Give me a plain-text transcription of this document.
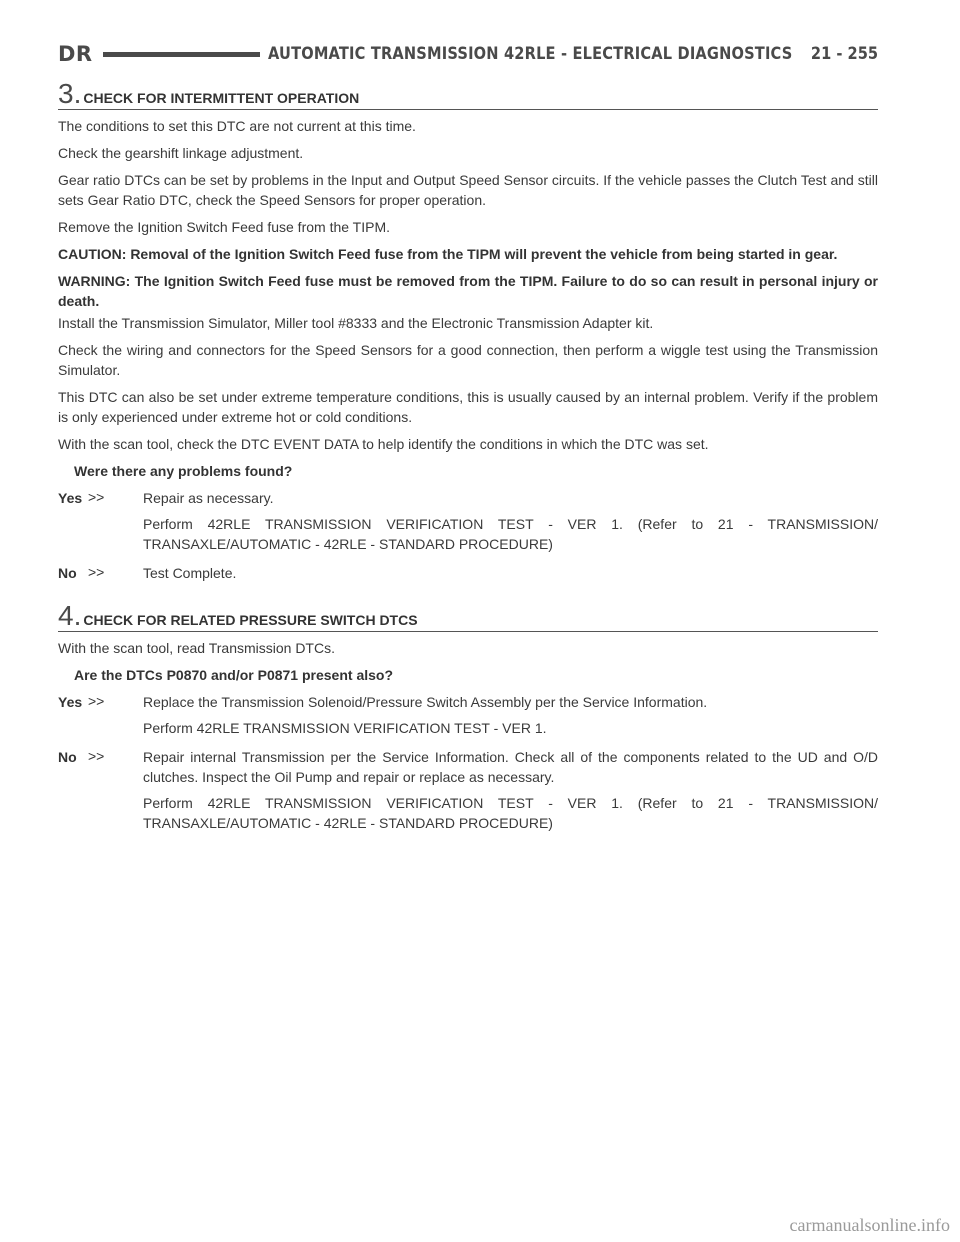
DR	AUTOMATIC TRANSMISSION 42RLE - ELECTRICAL DIAGNOSTICS 21 - 255
3. CHECK FOR INTERMITTENT OPERATION

The conditions to set this DTC are not current at this time.

Check the gearshift linkage adjustment.

Gear ratio DTCs can be set by problems in the Input and Output Speed Sensor circuits. If the vehicle passes the Clutch Test and still sets Gear Ratio DTC, check the Speed Sensors for proper operation.

Remove the Ignition Switch Feed fuse from the TIPM.

CAUTION: Removal of the Ignition Switch Feed fuse from the TIPM will prevent the vehicle from being started in gear.

WARNING: The Ignition Switch Feed fuse must be removed from the TIPM. Failure to do so can result in personal injury or death.

Install the Transmission Simulator, Miller tool #8333 and the Electronic Transmission Adapter kit.

Check the wiring and connectors for the Speed Sensors for a good connection, then perform a wiggle test using the Transmission Simulator.

This DTC can also be set under extreme temperature conditions, this is usually caused by an internal problem. Verify if the problem is only experienced under extreme hot or cold conditions.

With the scan tool, check the DTC EVENT DATA to help identify the conditions in which the DTC was set.

Were there any problems found?

Yes >>	Repair as necessary.

Perform 42RLE TRANSMISSION VERIFICATION TEST - VER 1. (Refer to 21 - TRANSMISSION/ TRANSAXLE/AUTOMATIC - 42RLE - STANDARD PROCEDURE)

No >>	Test Complete.

4. CHECK FOR RELATED PRESSURE SWITCH DTCS

With the scan tool, read Transmission DTCs.

Are the DTCs P0870 and/or P0871 present also?

Yes >>	Replace the Transmission Solenoid/Pressure Switch Assembly per the Service Information.

Perform 42RLE TRANSMISSION VERIFICATION TEST - VER 1.

No >>	Repair internal Transmission per the Service Information. Check all of the components related to the UD and O/D clutches. Inspect the Oil Pump and repair or replace as necessary.

Perform 42RLE TRANSMISSION VERIFICATION TEST - VER 1. (Refer to 21 - TRANSMISSION/ TRANSAXLE/AUTOMATIC - 42RLE - STANDARD PROCEDURE)

carmanualsonline.info
